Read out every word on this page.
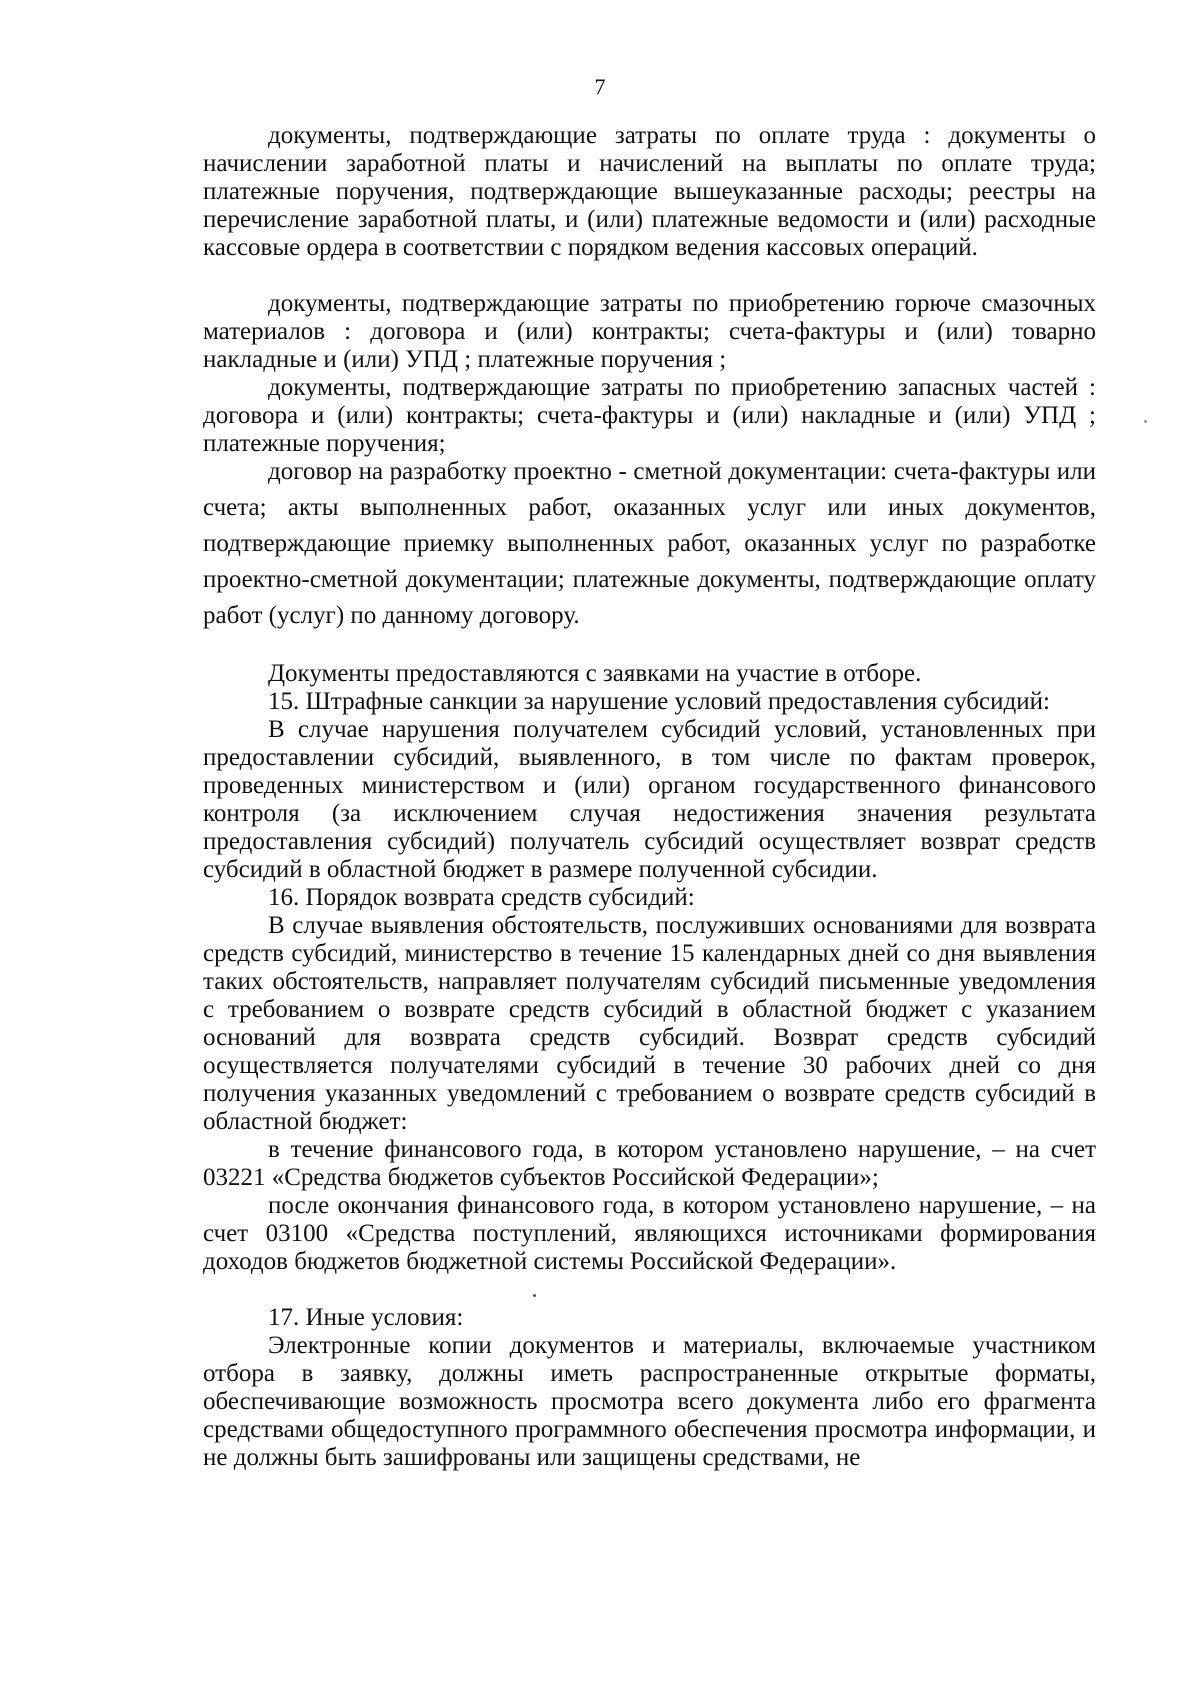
7

документы, подтверждающие затраты по оплате труда : документы о начислении заработной платы и начислений на выплаты по оплате труда; платежные поручения, подтверждающие вышеуказанные расходы; реестры на перечисление заработной платы, и (или) платежные ведомости и (или) расходные кассовые ордера в соответствии с порядком ведения кассовых операций.

документы, подтверждающие затраты по приобретению горюче смазочных материалов : договора и (или) контракты; счета-фактуры и (или) товарно накладные и (или) УПД ; платежные поручения ;

документы, подтверждающие затраты по приобретению запасных частей : договора и (или) контракты; счета-фактуры и (или) накладные и (или) УПД ; платежные поручения;

договор на разработку проектно - сметной документации: счета-фактуры или счета; акты выполненных работ, оказанных услуг или иных документов, подтверждающие приемку выполненных работ, оказанных услуг по разработке проектно-сметной документации; платежные документы, подтверждающие оплату работ (услуг) по данному договору.

Документы предоставляются с заявками на участие в отборе.

15. Штрафные санкции за нарушение условий предоставления субсидий:

В случае нарушения получателем субсидий условий, установленных при предоставлении субсидий, выявленного, в том числе по фактам проверок, проведенных министерством и (или) органом государственного финансового контроля (за исключением случая недостижения значения результата предоставления субсидий) получатель субсидий осуществляет возврат средств субсидий в областной бюджет в размере полученной субсидии.

16. Порядок возврата средств субсидий:

В случае выявления обстоятельств, послуживших основаниями для возврата средств субсидий, министерство в течение 15 календарных дней со дня выявления таких обстоятельств, направляет получателям субсидий письменные уведомления с требованием о возврате средств субсидий в областной бюджет с указанием оснований для возврата средств субсидий. Возврат средств субсидий осуществляется получателями субсидий в течение 30 рабочих дней со дня получения указанных уведомлений с требованием о возврате средств субсидий в областной бюджет:

в течение финансового года, в котором установлено нарушение, – на счет 03221 «Средства бюджетов субъектов Российской Федерации»;

после окончания финансового года, в котором установлено нарушение, – на счет 03100 «Средства поступлений, являющихся источниками формирования доходов бюджетов бюджетной системы Российской Федерации».

17. Иные условия:

Электронные копии документов и материалы, включаемые участником отбора в заявку, должны иметь распространенные открытые форматы, обеспечивающие возможность просмотра всего документа либо его фрагмента средствами общедоступного программного обеспечения просмотра информации, и не должны быть зашифрованы или защищены средствами, не
